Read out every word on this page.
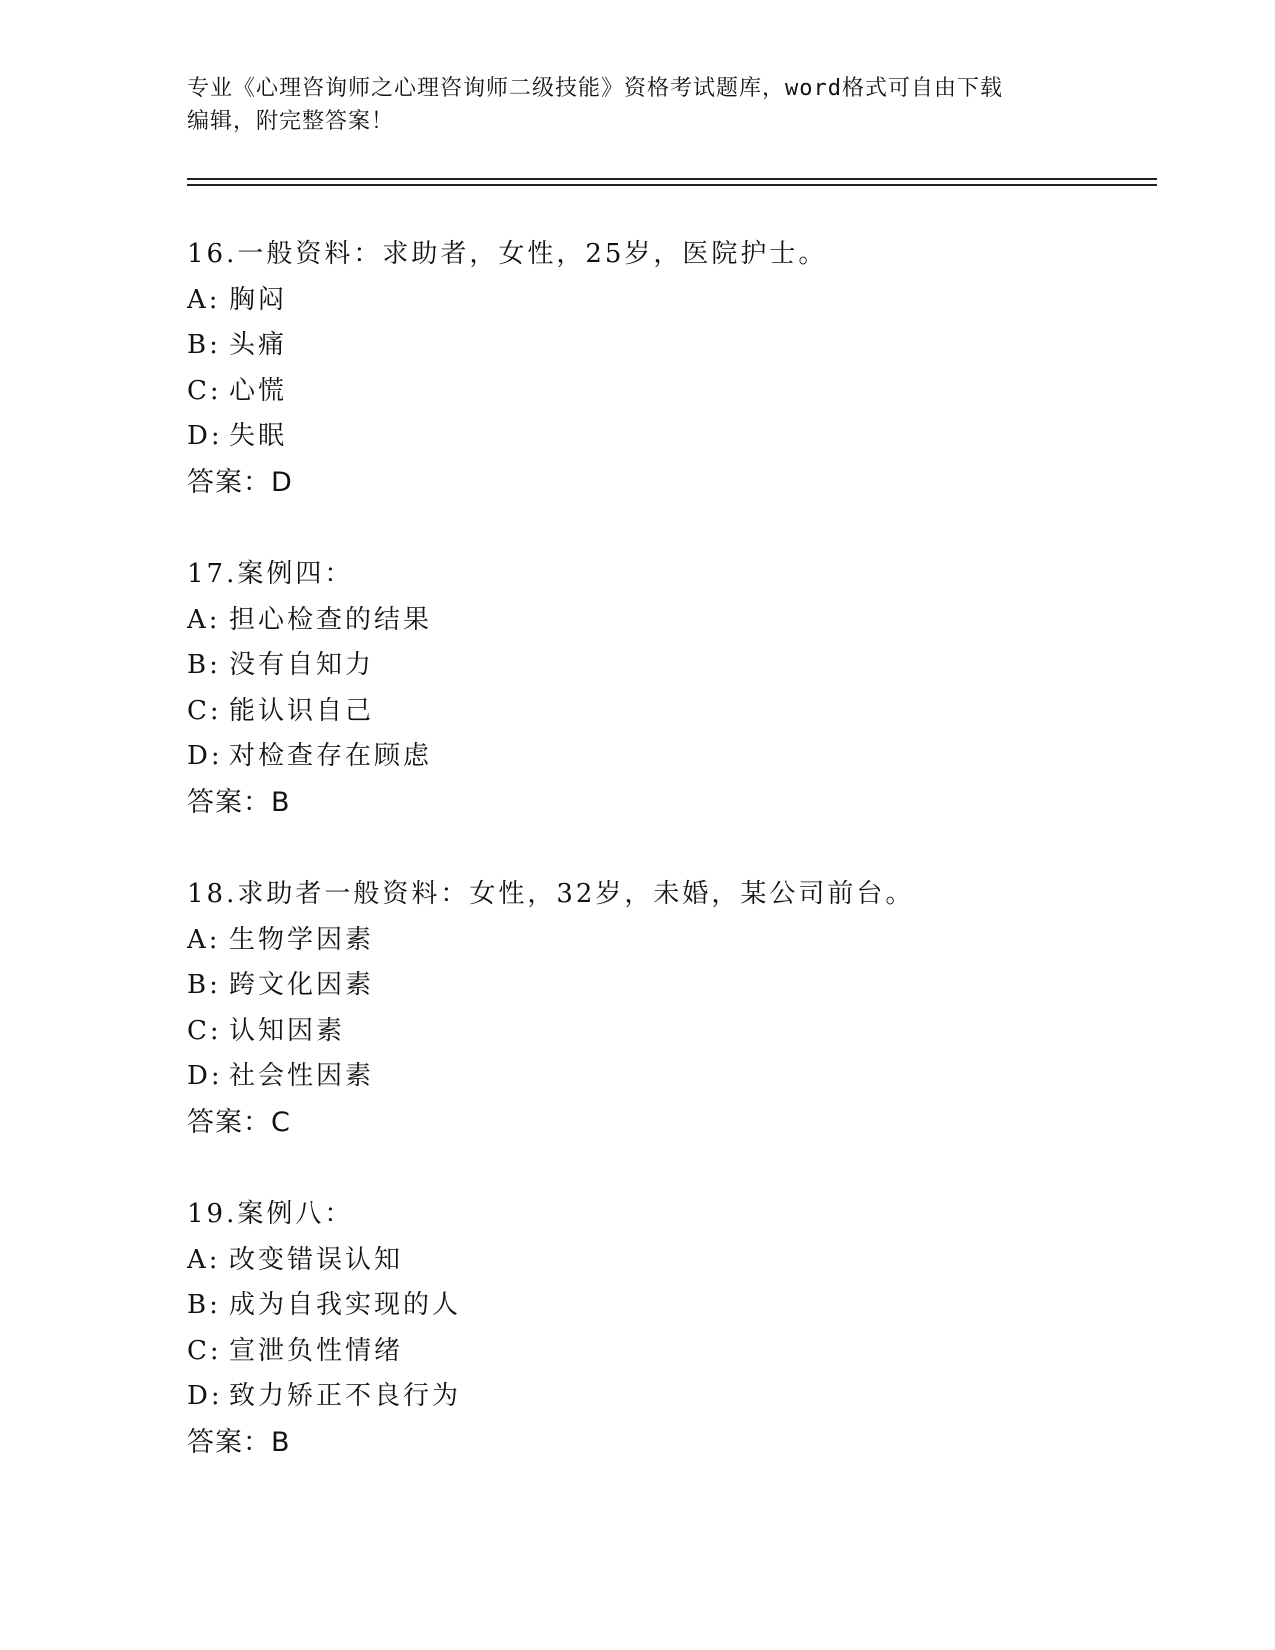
专业《心理咨询师之心理咨询师二级技能》资格考试题库，word格式可自由下载
编辑，附完整答案！
16.一般资料：求助者，女性，25岁，医院护士。
A: 胸闷
B: 头痛
C: 心慌
D: 失眠
答案：D
17.案例四：
A: 担心检查的结果
B: 没有自知力
C: 能认识自己
D: 对检查存在顾虑
答案：B
18.求助者一般资料：女性，32岁，未婚，某公司前台。
A: 生物学因素
B: 跨文化因素
C: 认知因素
D: 社会性因素
答案：C
19.案例八：
A: 改变错误认知
B: 成为自我实现的人
C: 宣泄负性情绪
D: 致力矫正不良行为
答案：B
